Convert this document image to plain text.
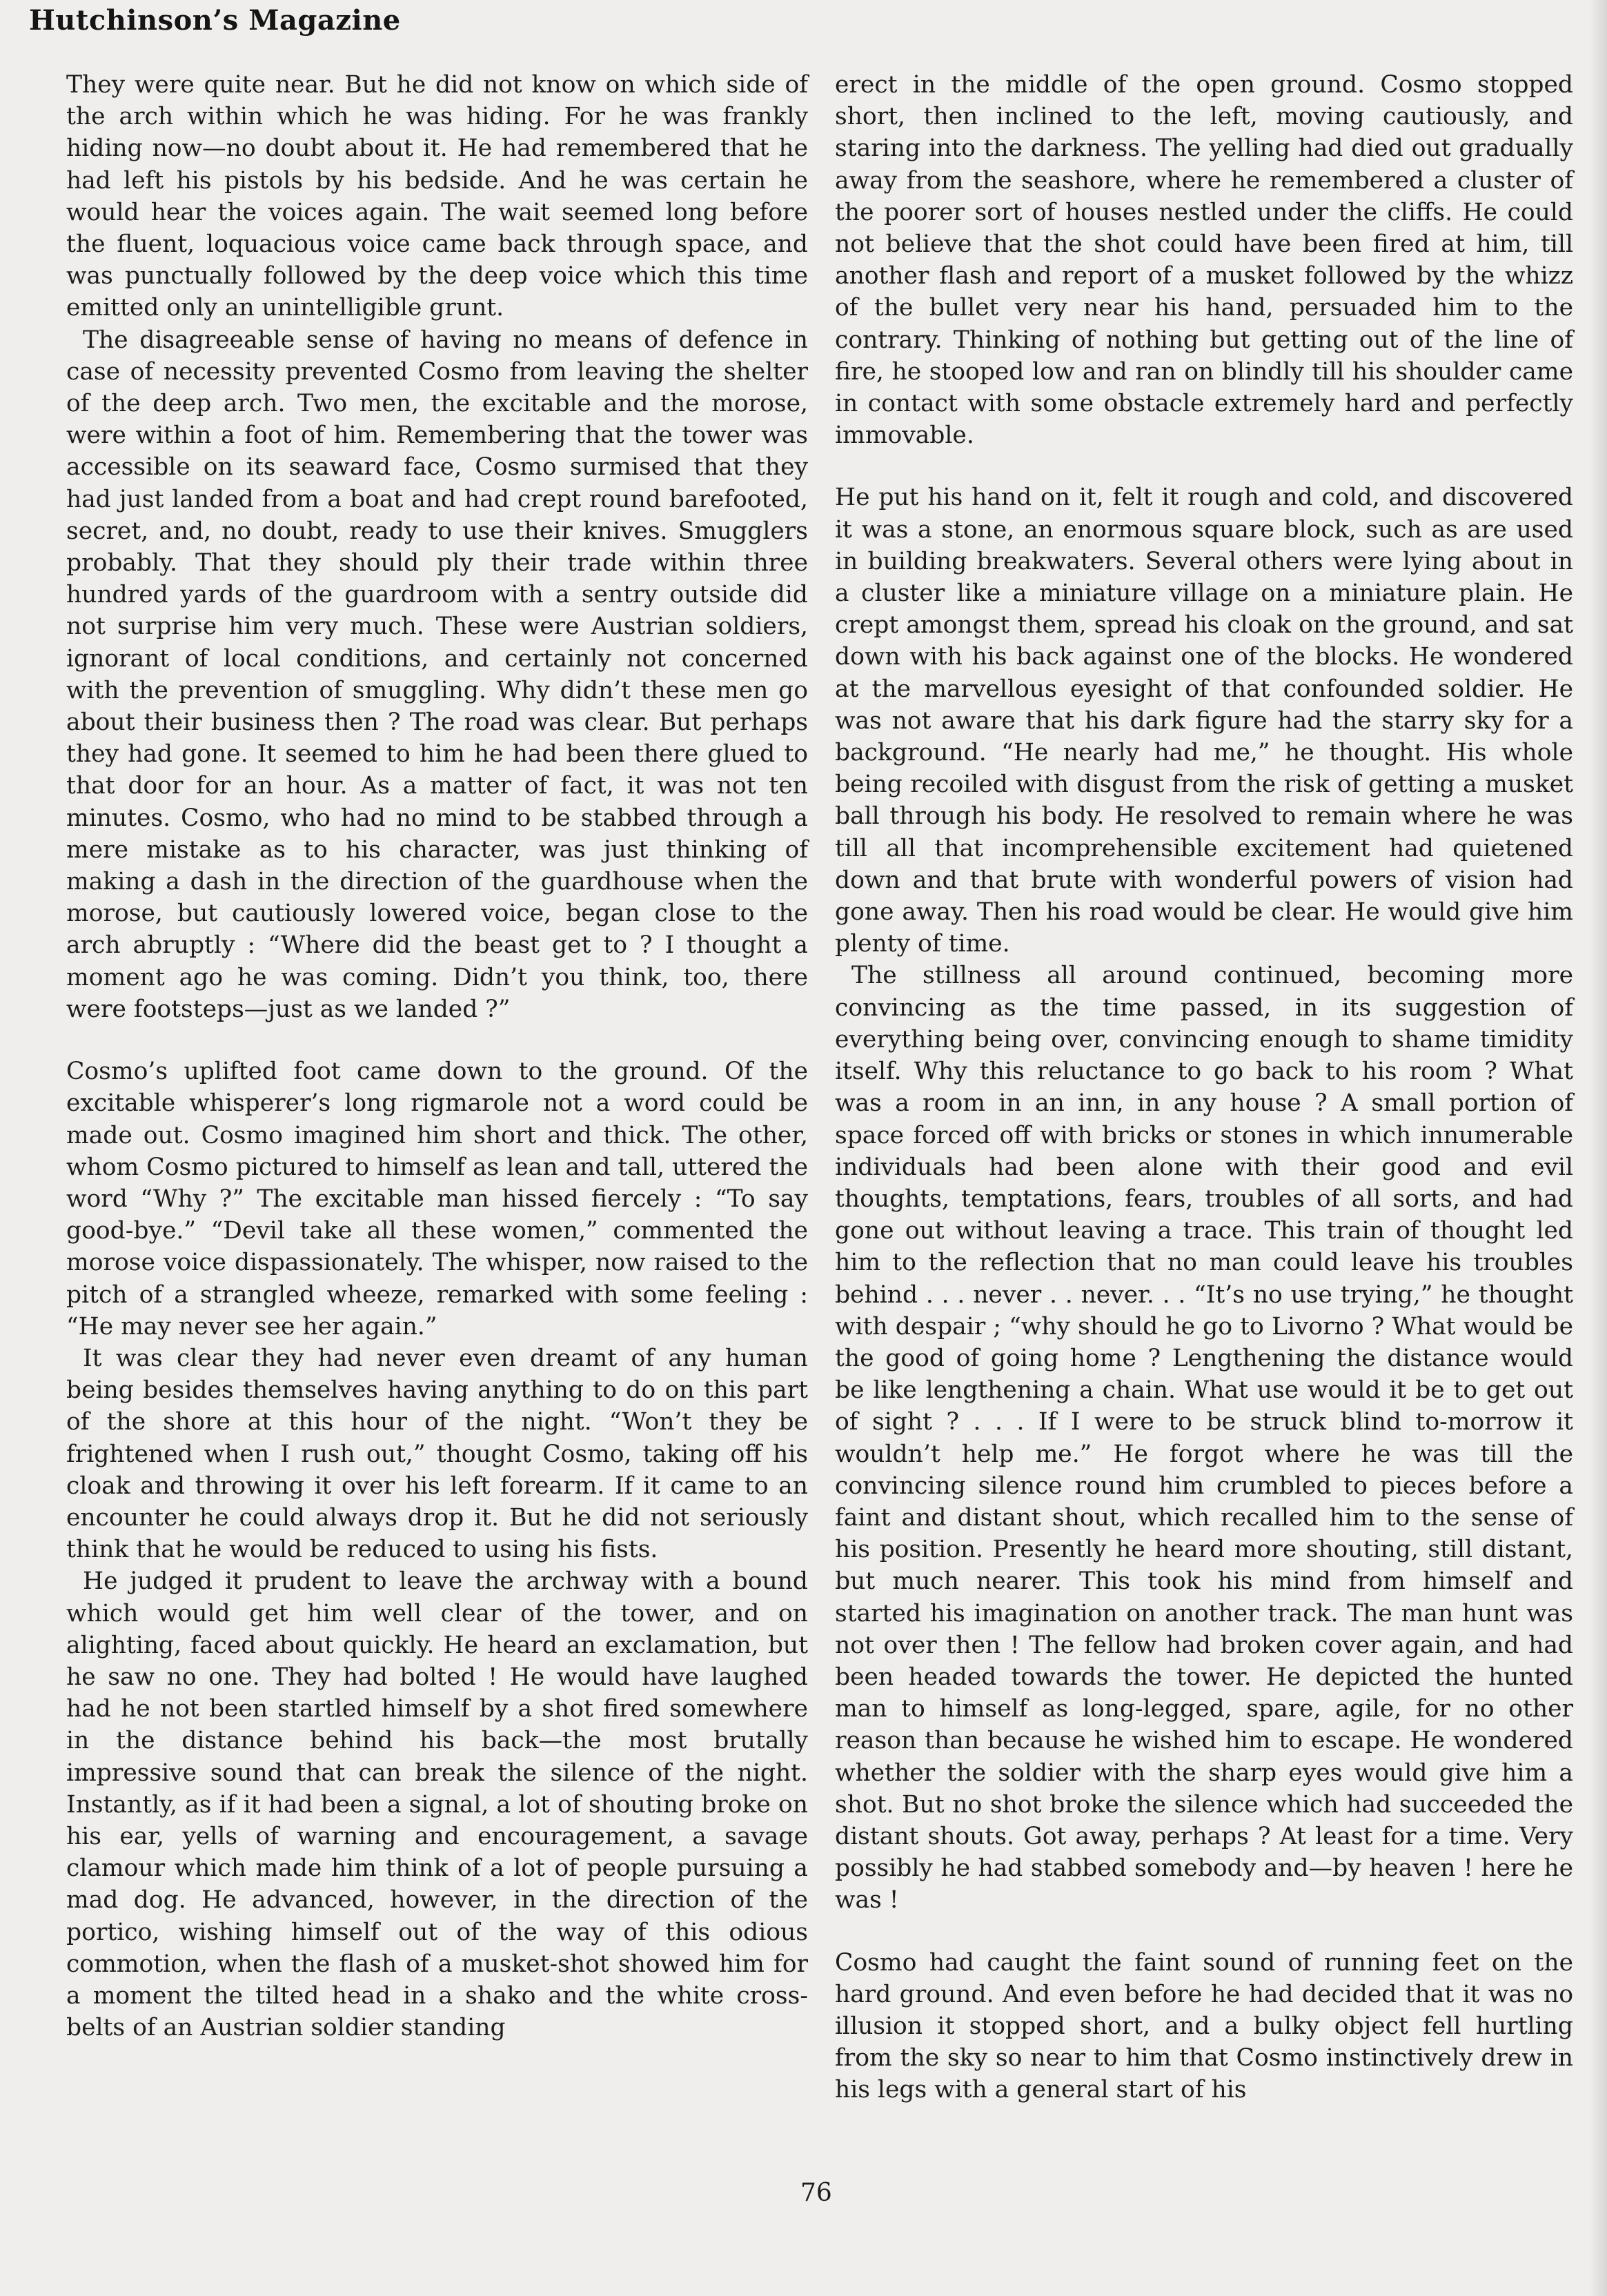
Hutchinson’s Magazine

They were quite near. But he did not know on which side of the arch within which he was hiding. For he was frankly hiding now—no doubt about it. He had remembered that he had left his pistols by his bedside. And he was certain he would hear the voices again. The wait seemed long before the fluent, loquacious voice came back through space, and was punctually followed by the deep voice which this time emitted only an unintelligible grunt.

The disagreeable sense of having no means of defence in case of necessity prevented Cosmo from leaving the shelter of the deep arch. Two men, the excitable and the morose, were within a foot of him. Remembering that the tower was accessible on its seaward face, Cosmo surmised that they had just landed from a boat and had crept round barefooted, secret, and, no doubt, ready to use their knives. Smugglers probably. That they should ply their trade within three hundred yards of the guardroom with a sentry outside did not surprise him very much. These were Austrian soldiers, ignorant of local conditions, and certainly not concerned with the prevention of smuggling. Why didn’t these men go about their business then ? The road was clear. But perhaps they had gone. It seemed to him he had been there glued to that door for an hour. As a matter of fact, it was not ten minutes. Cosmo, who had no mind to be stabbed through a mere mistake as to his character, was just thinking of making a dash in the direction of the guardhouse when the morose, but cautiously lowered voice, began close to the arch abruptly : “Where did the beast get to ? I thought a moment ago he was coming. Didn’t you think, too, there were footsteps—just as we landed ?”

Cosmo’s uplifted foot came down to the ground. Of the excitable whisperer’s long rigmarole not a word could be made out. Cosmo imagined him short and thick. The other, whom Cosmo pictured to himself as lean and tall, uttered the word “Why ?” The excitable man hissed fiercely : “To say good-bye.” “Devil take all these women,” commented the morose voice dispassionately. The whisper, now raised to the pitch of a strangled wheeze, remarked with some feeling : “He may never see her again.”

It was clear they had never even dreamt of any human being besides themselves having anything to do on this part of the shore at this hour of the night. “Won’t they be frightened when I rush out,” thought Cosmo, taking off his cloak and throwing it over his left forearm. If it came to an encounter he could always drop it. But he did not seriously think that he would be reduced to using his fists.

He judged it prudent to leave the archway with a bound which would get him well clear of the tower, and on alighting, faced about quickly. He heard an exclamation, but he saw no one. They had bolted ! He would have laughed had he not been startled himself by a shot fired somewhere in the distance behind his back—the most brutally impressive sound that can break the silence of the night. Instantly, as if it had been a signal, a lot of shouting broke on his ear, yells of warning and encouragement, a savage clamour which made him think of a lot of people pursuing a mad dog. He advanced, however, in the direction of the portico, wishing himself out of the way of this odious commotion, when the flash of a musket-shot showed him for a moment the tilted head in a shako and the white cross-belts of an Austrian soldier standing

erect in the middle of the open ground. Cosmo stopped short, then inclined to the left, moving cautiously, and staring into the darkness. The yelling had died out gradually away from the seashore, where he remembered a cluster of the poorer sort of houses nestled under the cliffs. He could not believe that the shot could have been fired at him, till another flash and report of a musket followed by the whizz of the bullet very near his hand, persuaded him to the contrary. Thinking of nothing but getting out of the line of fire, he stooped low and ran on blindly till his shoulder came in contact with some obstacle extremely hard and perfectly immovable.

He put his hand on it, felt it rough and cold, and discovered it was a stone, an enormous square block, such as are used in building breakwaters. Several others were lying about in a cluster like a miniature village on a miniature plain. He crept amongst them, spread his cloak on the ground, and sat down with his back against one of the blocks. He wondered at the marvellous eyesight of that confounded soldier. He was not aware that his dark figure had the starry sky for a background. “He nearly had me,” he thought. His whole being recoiled with disgust from the risk of getting a musket ball through his body. He resolved to remain where he was till all that incomprehensible excitement had quietened down and that brute with wonderful powers of vision had gone away. Then his road would be clear. He would give him plenty of time.

The stillness all around continued, becoming more convincing as the time passed, in its suggestion of everything being over, convincing enough to shame timidity itself. Why this reluctance to go back to his room ? What was a room in an inn, in any house ? A small portion of space forced off with bricks or stones in which innumerable individuals had been alone with their good and evil thoughts, temptations, fears, troubles of all sorts, and had gone out without leaving a trace. This train of thought led him to the reflection that no man could leave his troubles behind . . . never . . never. . . “It’s no use trying,” he thought with despair ; “why should he go to Livorno ? What would be the good of going home ? Lengthening the distance would be like lengthening a chain. What use would it be to get out of sight ? . . . If I were to be struck blind to-morrow it wouldn’t help me.” He forgot where he was till the convincing silence round him crumbled to pieces before a faint and distant shout, which recalled him to the sense of his position. Presently he heard more shouting, still distant, but much nearer. This took his mind from himself and started his imagination on another track. The man hunt was not over then ! The fellow had broken cover again, and had been headed towards the tower. He depicted the hunted man to himself as long-legged, spare, agile, for no other reason than because he wished him to escape. He wondered whether the soldier with the sharp eyes would give him a shot. But no shot broke the silence which had succeeded the distant shouts. Got away, perhaps ? At least for a time. Very possibly he had stabbed somebody and—by heaven ! here he was !

Cosmo had caught the faint sound of running feet on the hard ground. And even before he had decided that it was no illusion it stopped short, and a bulky object fell hurtling from the sky so near to him that Cosmo instinctively drew in his legs with a general start of his

76
